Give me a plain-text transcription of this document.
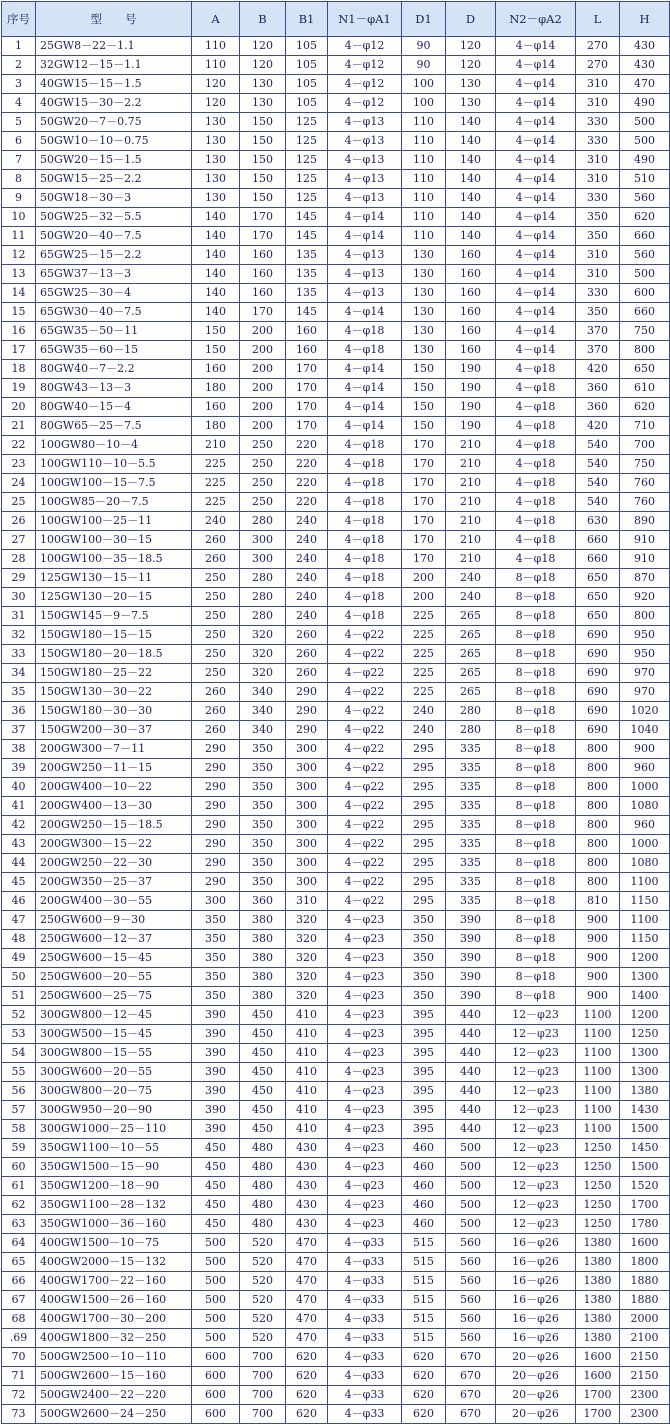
序号	型　　号	A	B	B1	N1－φA1	D1	D	N2－φA2	L	H
1	25GW8－22－1.1	110	120	105	4－φ12	90	120	4－φ14	270	430
2	32GW12－15－1.1	110	120	105	4－φ12	90	120	4－φ14	270	430
3	40GW15－15－1.5	120	130	105	4－φ12	100	130	4－φ14	310	470
4	40GW15－30－2.2	120	130	105	4－φ12	100	130	4－φ14	310	490
5	50GW20－7－0.75	130	150	125	4－φ13	110	140	4－φ14	330	500
6	50GW10－10－0.75	130	150	125	4－φ13	110	140	4－φ14	330	500
7	50GW20－15－1.5	130	150	125	4－φ13	110	140	4－φ14	310	490
8	50GW15－25－2.2	130	150	125	4－φ13	110	140	4－φ14	310	510
9	50GW18－30－3	130	150	125	4－φ13	110	140	4－φ14	330	560
10	50GW25－32－5.5	140	170	145	4－φ14	110	140	4－φ14	350	620
11	50GW20－40－7.5	140	170	145	4－φ14	110	140	4－φ14	350	660
12	65GW25－15－2.2	140	160	135	4－φ13	130	160	4－φ14	310	560
13	65GW37－13－3	140	160	135	4－φ13	130	160	4－φ14	310	500
14	65GW25－30－4	140	160	135	4－φ13	130	160	4－φ14	330	600
15	65GW30－40－7.5	140	170	145	4－φ14	130	160	4－φ14	350	660
16	65GW35－50－11	150	200	160	4－φ18	130	160	4－φ14	370	750
17	65GW35－60－15	150	200	160	4－φ18	130	160	4－φ14	370	800
18	80GW40－7－2.2	160	200	170	4－φ14	150	190	4－φ18	420	650
19	80GW43－13－3	180	200	170	4－φ14	150	190	4－φ18	360	610
20	80GW40－15－4	160	200	170	4－φ14	150	190	4－φ18	360	620
21	80GW65－25－7.5	180	200	170	4－φ14	150	190	4－φ18	420	710
22	100GW80－10－4	210	250	220	4－φ18	170	210	4－φ18	540	700
23	100GW110－10－5.5	225	250	220	4－φ18	170	210	4－φ18	540	750
24	100GW100－15－7.5	225	250	220	4－φ18	170	210	4－φ18	540	760
25	100GW85－20－7.5	225	250	220	4－φ18	170	210	4－φ18	540	760
26	100GW100－25－11	240	280	240	4－φ18	170	210	4－φ18	630	890
27	100GW100－30－15	260	300	240	4－φ18	170	210	4－φ18	660	910
28	100GW100－35－18.5	260	300	240	4－φ18	170	210	4－φ18	660	910
29	125GW130－15－11	250	280	240	4－φ18	200	240	8－φ18	650	870
30	125GW130－20－15	250	280	240	4－φ18	200	240	8－φ18	650	920
31	150GW145－9－7.5	250	280	240	4－φ18	225	265	8－φ18	650	800
32	150GW180－15－15	250	320	260	4－φ22	225	265	8－φ18	690	950
33	150GW180－20－18.5	250	320	260	4－φ22	225	265	8－φ18	690	950
34	150GW180－25－22	250	320	260	4－φ22	225	265	8－φ18	690	970
35	150GW130－30－22	260	340	290	4－φ22	225	265	8－φ18	690	970
36	150GW180－30－30	260	340	290	4－φ22	240	280	8－φ18	690	1020
37	150GW200－30－37	260	340	290	4－φ22	240	280	8－φ18	690	1040
38	200GW300－7－11	290	350	300	4－φ22	295	335	8－φ18	800	900
39	200GW250－11－15	290	350	300	4－φ22	295	335	8－φ18	800	960
40	200GW400－10－22	290	350	300	4－φ22	295	335	8－φ18	800	1000
41	200GW400－13－30	290	350	300	4－φ22	295	335	8－φ18	800	1080
42	200GW250－15－18.5	290	350	300	4－φ22	295	335	8－φ18	800	960
43	200GW300－15－22	290	350	300	4－φ22	295	335	8－φ18	800	1000
44	200GW250－22－30	290	350	300	4－φ22	295	335	8－φ18	800	1080
45	200GW350－25－37	290	350	300	4－φ22	295	335	8－φ18	800	1100
46	200GW400－30－55	300	360	310	4－φ22	295	335	8－φ18	810	1150
47	250GW600－9－30	350	380	320	4－φ23	350	390	8－φ18	900	1100
48	250GW600－12－37	350	380	320	4－φ23	350	390	8－φ18	900	1150
49	250GW600－15－45	350	380	320	4－φ23	350	390	8－φ18	900	1200
50	250GW600－20－55	350	380	320	4－φ23	350	390	8－φ18	900	1300
51	250GW600－25－75	350	380	320	4－φ23	350	390	8－φ18	900	1400
52	300GW800－12－45	390	450	410	4－φ23	395	440	12－φ23	1100	1200
53	300GW500－15－45	390	450	410	4－φ23	395	440	12－φ23	1100	1250
54	300GW800－15－55	390	450	410	4－φ23	395	440	12－φ23	1100	1300
55	300GW600－20－55	390	450	410	4－φ23	395	440	12－φ23	1100	1300
56	300GW800－20－75	390	450	410	4－φ23	395	440	12－φ23	1100	1380
57	300GW950－20－90	390	450	410	4－φ23	395	440	12－φ23	1100	1430
58	300GW1000－25－110	390	450	410	4－φ23	395	440	12－φ23	1100	1500
59	350GW1100－10－55	450	480	430	4－φ23	460	500	12－φ23	1250	1450
60	350GW1500－15－90	450	480	430	4－φ23	460	500	12－φ23	1250	1500
61	350GW1200－18－90	450	480	430	4－φ23	460	500	12－φ23	1250	1520
62	350GW1100－28－132	450	480	430	4－φ23	460	500	12－φ23	1250	1700
63	350GW1000－36－160	450	480	430	4－φ23	460	500	12－φ23	1250	1780
64	400GW1500－10－75	500	520	470	4－φ33	515	560	16－φ26	1380	1600
65	400GW2000－15－132	500	520	470	4－φ33	515	560	16－φ26	1380	1800
66	400GW1700－22－160	500	520	470	4－φ33	515	560	16－φ26	1380	1880
67	400GW1500－26－160	500	520	470	4－φ33	515	560	16－φ26	1380	1880
68	400GW1700－30－200	500	520	470	4－φ33	515	560	16－φ26	1380	2000
.69	400GW1800－32－250	500	520	470	4－φ33	515	560	16－φ26	1380	2100
70	500GW2500－10－110	600	700	620	4－φ33	620	670	20－φ26	1600	2150
71	500GW2600－15－160	600	700	620	4－φ33	620	670	20－φ26	1600	2150
72	500GW2400－22－220	600	700	620	4－φ33	620	670	20－φ26	1700	2300
73	500GW2600－24－250	600	700	620	4－φ33	620	670	20－φ26	1700	2300
